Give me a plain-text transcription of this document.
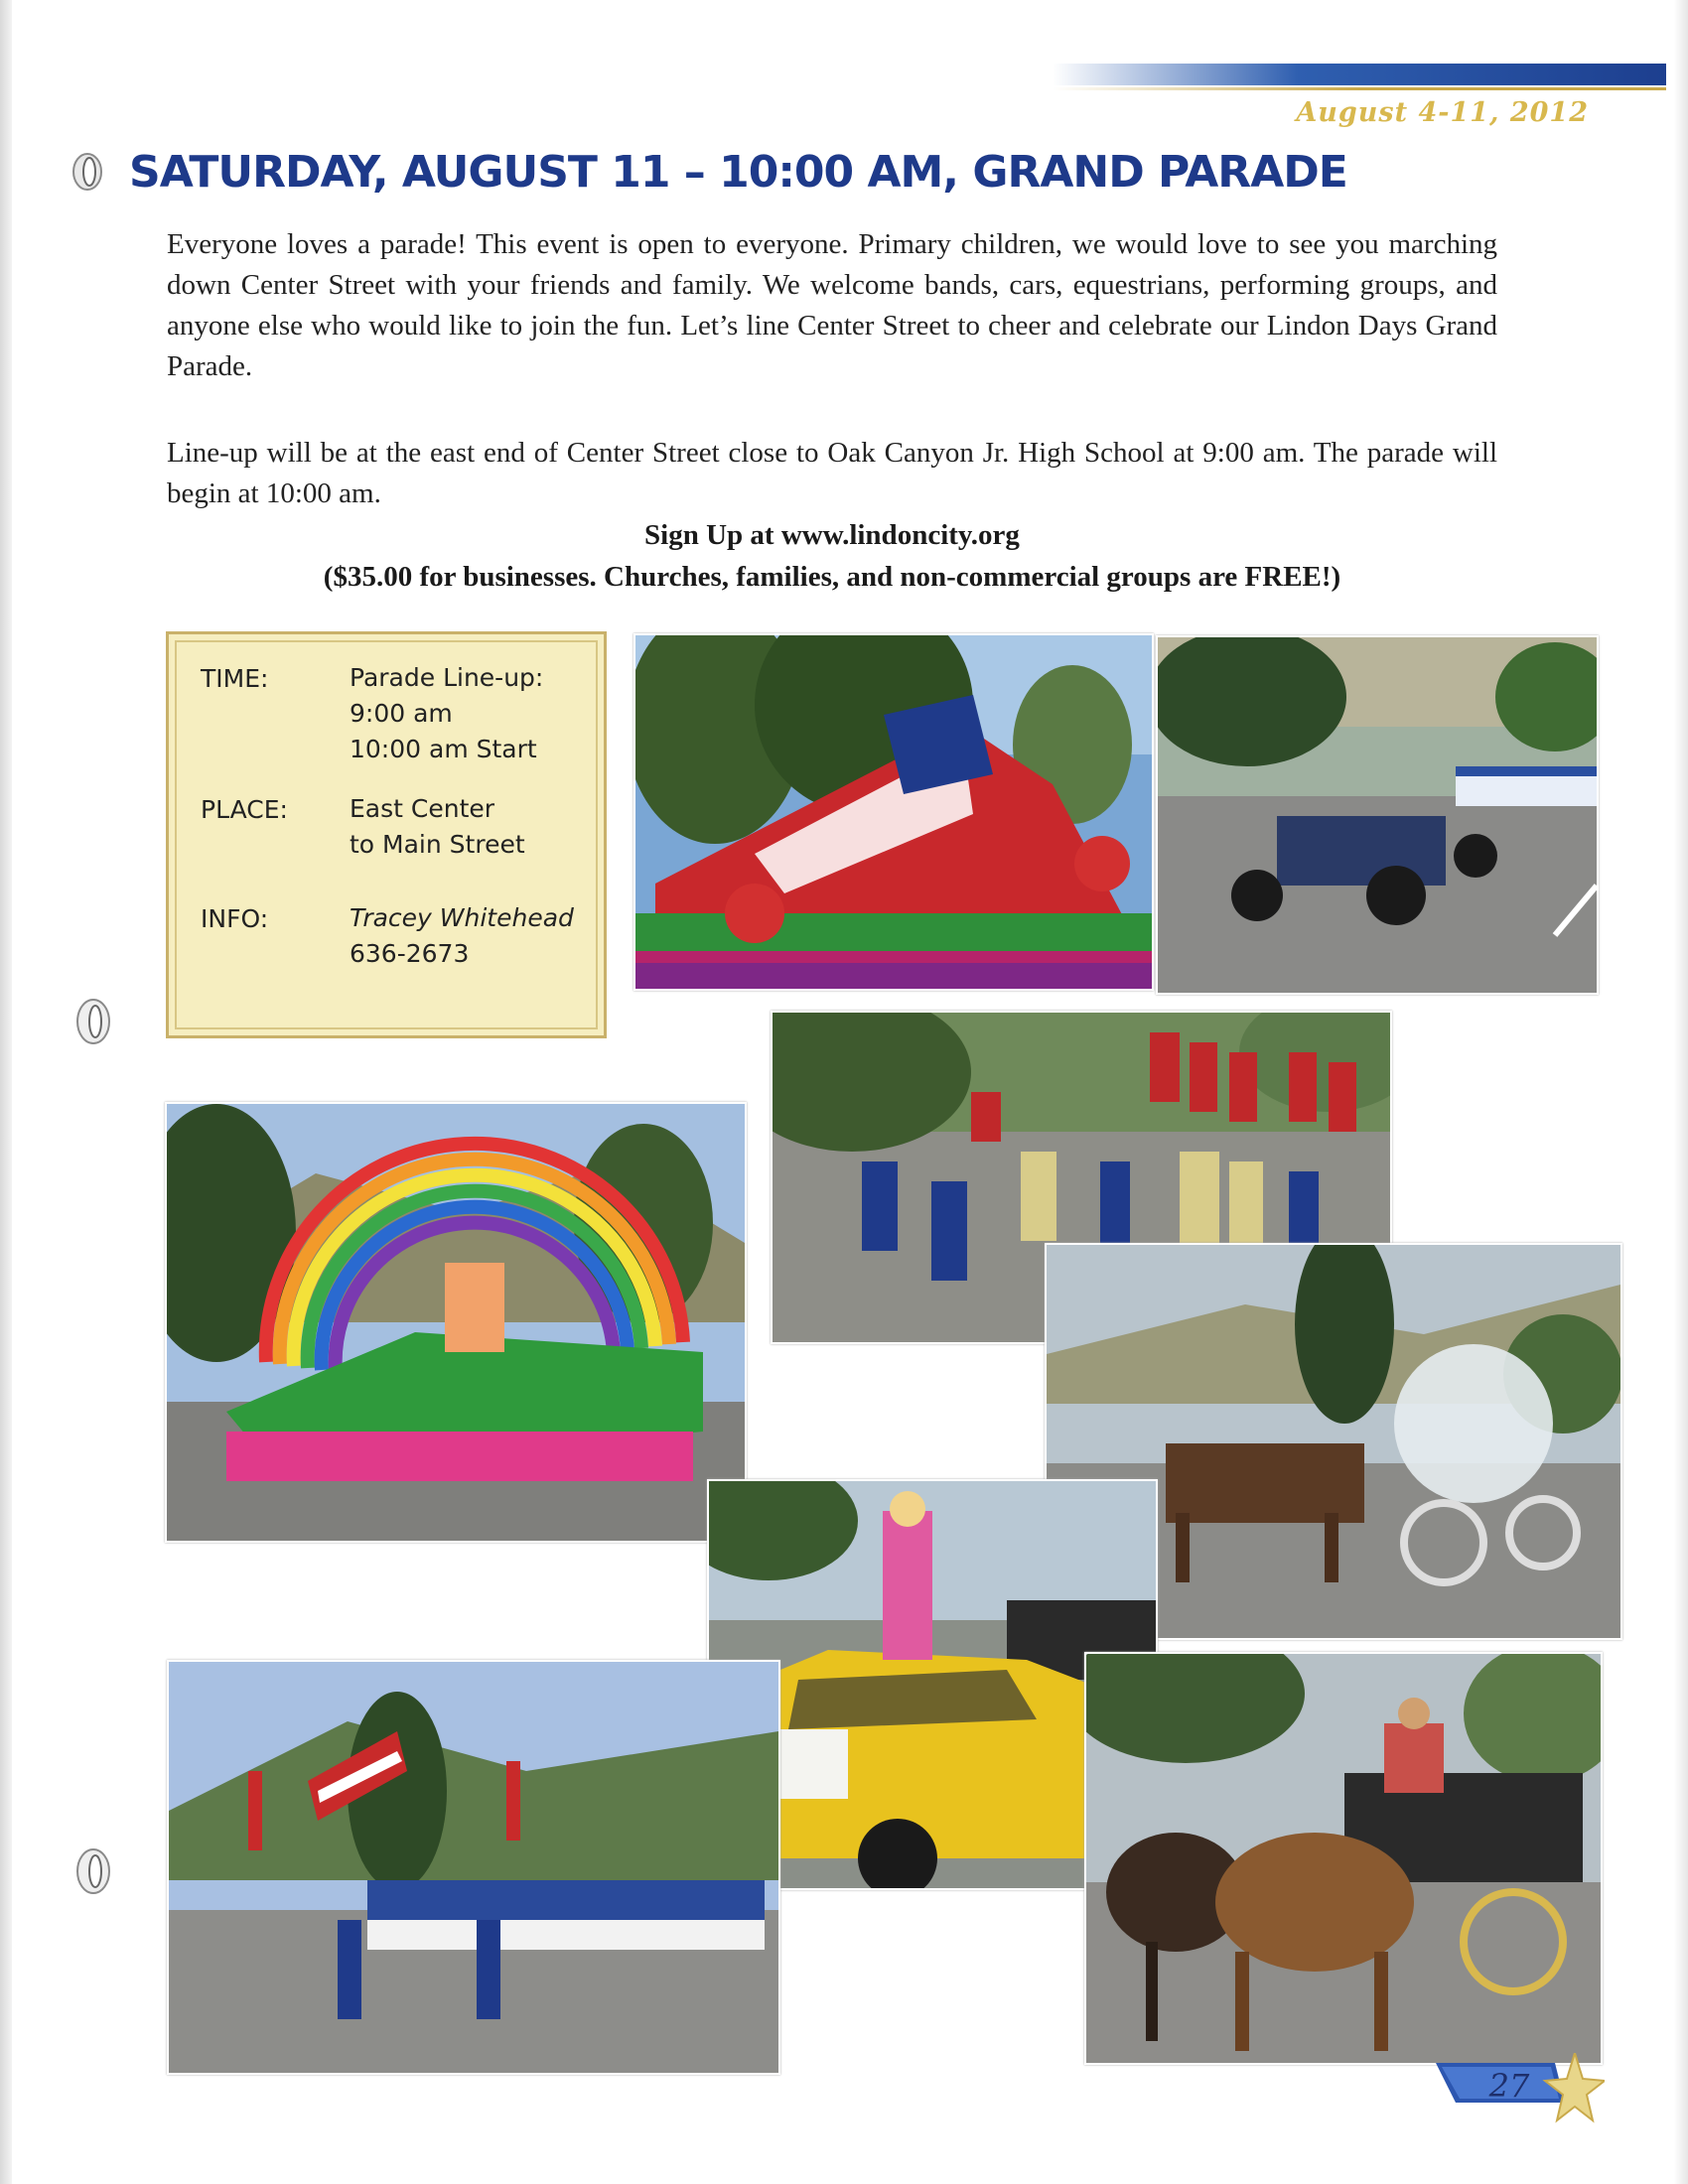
August 4-11, 2012
SATURDAY, AUGUST 11 – 10:00 AM, GRAND PARADE

Everyone loves a parade! This event is open to everyone. Primary children, we would love to see you marching down Center Street with your friends and family. We welcome bands, cars, equestrians, performing groups, and anyone else who would like to join the fun. Let’s line Center Street to cheer and celebrate our Lindon Days Grand Parade.

Line-up will be at the east end of Center Street close to Oak Canyon Jr. High School at 9:00 am. The parade will begin at 10:00 am.

Sign Up at www.lindoncity.org
($35.00 for businesses. Churches, families, and non-commercial groups are FREE!)
TIME:	Parade Line-up:
9:00 am
10:00 am Start
PLACE: East Center
to Main Street
INFO:	Tracey Whitehead
636-2673
27
